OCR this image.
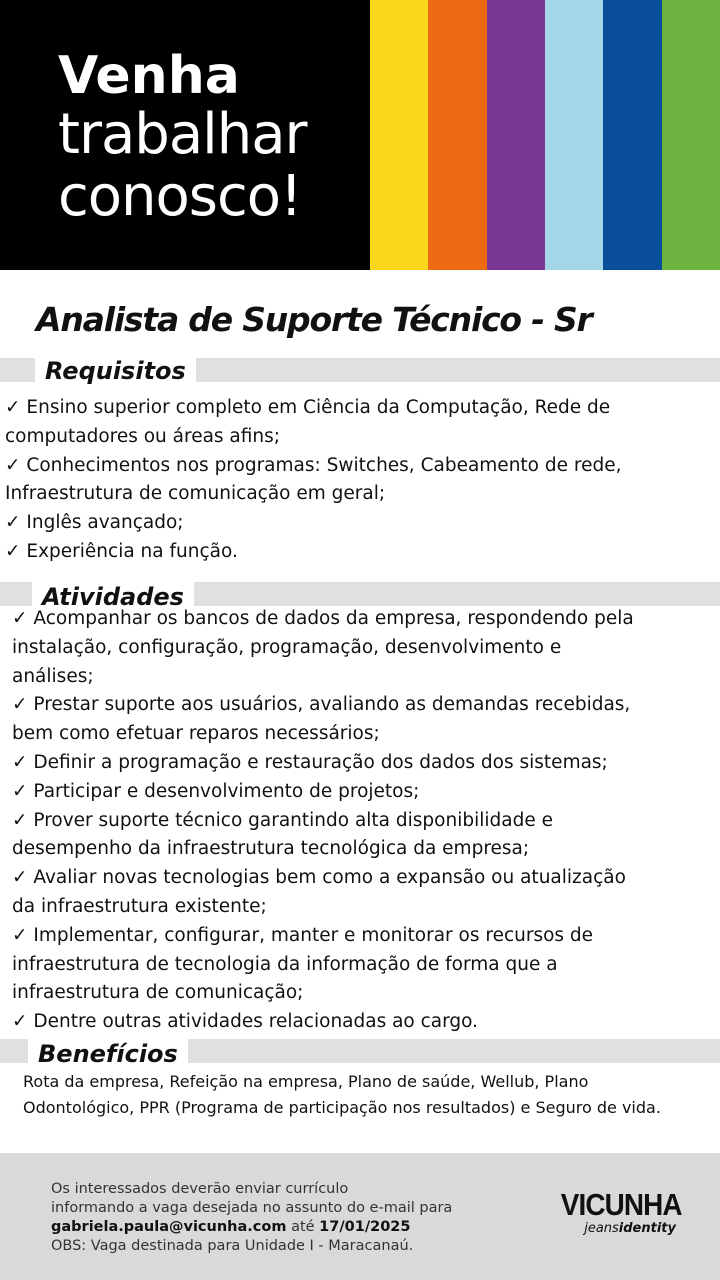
Venha
trabalhar
conosco!
Analista de Suporte Técnico - Sr
Requisitos
✓ Ensino superior completo em Ciência da Computação, Rede de computadores ou áreas afins;
✓ Conhecimentos nos programas: Switches, Cabeamento de rede, Infraestrutura de comunicação em geral;
✓ Inglês avançado;
✓ Experiência na função.
Atividades
✓ Acompanhar os bancos de dados da empresa, respondendo pela
instalação, configuração, programação, desenvolvimento e
análises;
✓ Prestar suporte aos usuários, avaliando as demandas recebidas,
bem como efetuar reparos necessários;
✓ Definir a programação e restauração dos dados dos sistemas;
✓ Participar e desenvolvimento de projetos;
✓ Prover suporte técnico garantindo alta disponibilidade e
desempenho da infraestrutura tecnológica da empresa;
✓ Avaliar novas tecnologias bem como a expansão ou atualização
da infraestrutura existente;
✓ Implementar, configurar, manter e monitorar os recursos de
infraestrutura de tecnologia da informação de forma que a
infraestrutura de comunicação;
✓ Dentre outras atividades relacionadas ao cargo.
Benefícios
Rota da empresa, Refeição na empresa, Plano de saúde, Wellub, Plano Odontológico, PPR (Programa de participação nos resultados) e Seguro de vida.
Os interessados deverão enviar currículo
informando a vaga desejada no assunto do e-mail para
gabriela.paula@vicunha.com até 17/01/2025
OBS: Vaga destinada para Unidade I - Maracanaú.
VICUNHA
jeansidentity
